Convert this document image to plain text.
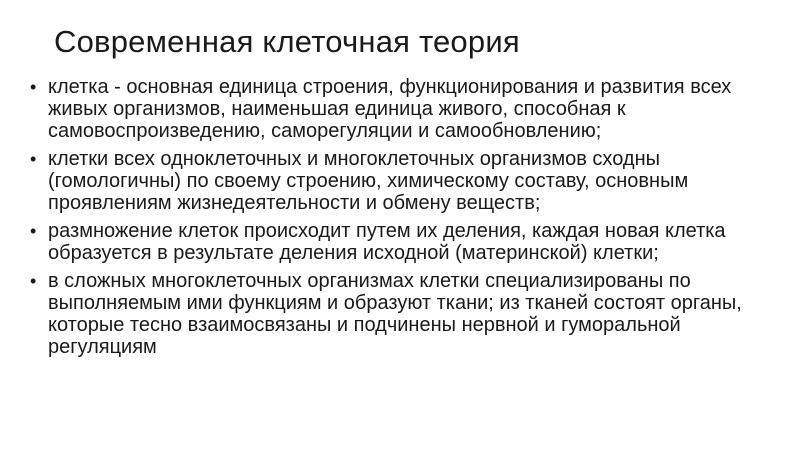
Современная клеточная теория
• клетка - основная единица строения, функционирования и развития всех живых организмов, наименьшая единица живого, способная к самовоспроизведению, саморегуляции и самообновлению;
• клетки всех одноклеточных и многоклеточных организмов сходны (гомологичны) по своему строению, химическому составу, основным проявлениям жизнедеятельности и обмену веществ;
• размножение клеток происходит путем их деления, каждая новая клетка образуется в результате деления исходной (материнской) клетки;
• в сложных многоклеточных организмах клетки специализированы по выполняемым ими функциям и образуют ткани; из тканей состоят органы, которые тесно взаимосвязаны и подчинены нервной и гуморальной регуляциям
